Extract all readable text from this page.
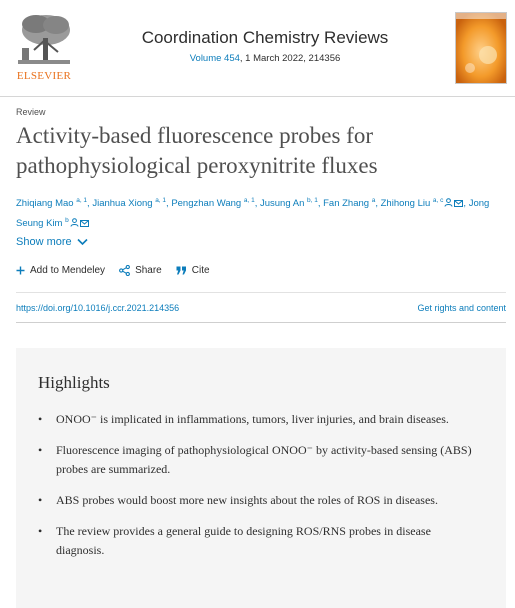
ELSEVIER
Coordination Chemistry Reviews
Volume 454, 1 March 2022, 214356
Review
Activity-based fluorescence probes for pathophysiological peroxynitrite fluxes
Zhiqiang Mao $^{a, 1}$, Jianhua Xiong $^{a, 1}$, Pengzhan Wang $^{a, 1}$, Jusung An $^{b, 1}$, Fan Zhang $^a$, Zhihong Liu $^{a, c}$ , Jong Seung Kim $^b$
Show more
Add to Mendeley	Share	Cite
https://doi.org/10.1016/j.ccr.2021.214356	Get rights and content
Highlights
• ONOO⁻ is implicated in inflammations, tumors, liver injuries, and brain diseases.
• Fluorescence imaging of pathophysiological ONOO⁻ by activity-based sensing (ABS) probes are summarized.
• ABS probes would boost more new insights about the roles of ROS in diseases.
• The review provides a general guide to designing ROS/RNS probes in disease diagnosis.
